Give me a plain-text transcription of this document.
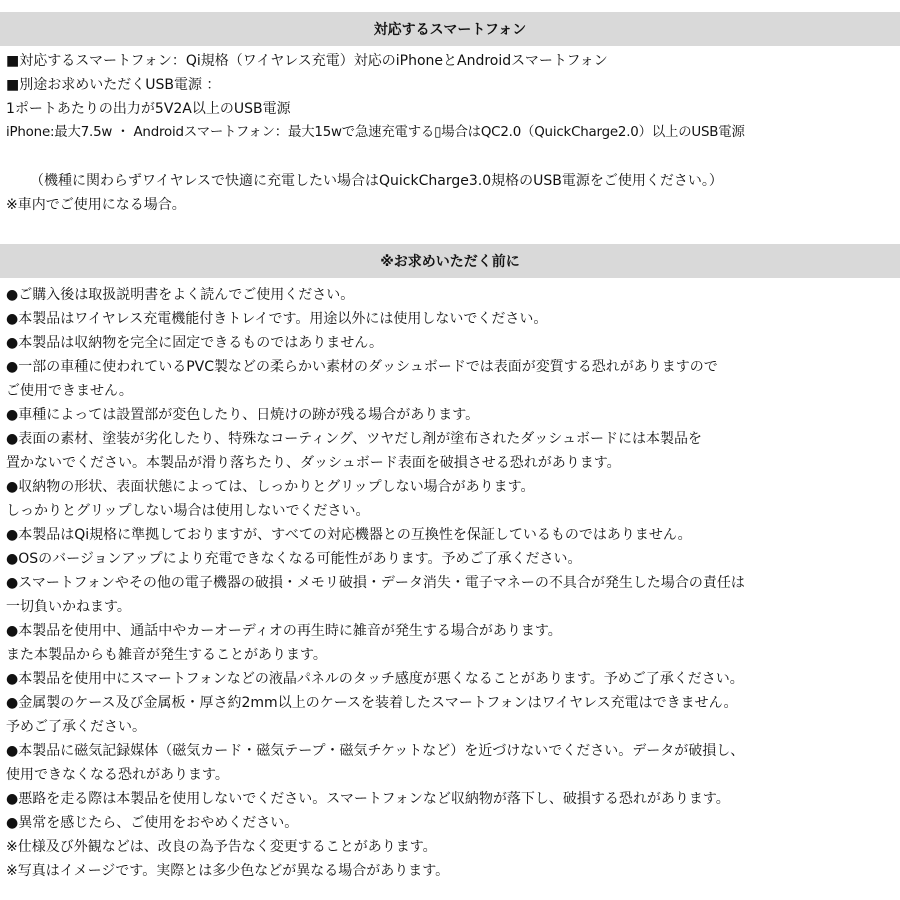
対応するスマートフォン
■対応するスマートフォン：Qi規格（ワイヤレス充電）対応のiPhoneとAndroidスマートフォン
■別途お求めいただくUSB電源 ：
1ポートあたりの出力が5V2A以上のUSB電源
iPhone:最大7.5w ・ Androidスマートフォン：最大15wで急速充電する▯場合はQC2.0（QuickCharge2.0）以上のUSB電源
（機種に関わらずワイヤレスで快適に充電したい場合はQuickCharge3.0規格のUSB電源をご使用ください。）
※車内でご使用になる場合。
※お求めいただく前に
●ご購入後は取扱説明書をよく読んでご使用ください。
●本製品はワイヤレス充電機能付きトレイです。用途以外には使用しないでください。
●本製品は収納物を完全に固定できるものではありません。
●一部の車種に使われているPVC製などの柔らかい素材のダッシュボードでは表面が変質する恐れがありますので
ご使用できません。
●車種によっては設置部が変色したり、日焼けの跡が残る場合があります。
●表面の素材、塗装が劣化したり、特殊なコーティング、ツヤだし剤が塗布されたダッシュボードには本製品を
置かないでください。本製品が滑り落ちたり、ダッシュボード表面を破損させる恐れがあります。
●収納物の形状、表面状態によっては、しっかりとグリップしない場合があります。
しっかりとグリップしない場合は使用しないでください。
●本製品はQi規格に準拠しておりますが、すべての対応機器との互換性を保証しているものではありません。
●OSのバージョンアップにより充電できなくなる可能性があります。予めご了承ください。
●スマートフォンやその他の電子機器の破損・メモリ破損・データ消失・電子マネーの不具合が発生した場合の責任は
一切負いかねます。
●本製品を使用中、通話中やカーオーディオの再生時に雑音が発生する場合があります。
また本製品からも雑音が発生することがあります。
●本製品を使用中にスマートフォンなどの液晶パネルのタッチ感度が悪くなることがあります。予めご了承ください。
●金属製のケース及び金属板・厚さ約2mm以上のケースを装着したスマートフォンはワイヤレス充電はできません。
予めご了承ください。
●本製品に磁気記録媒体（磁気カード・磁気テープ・磁気チケットなど）を近づけないでください。データが破損し、
使用できなくなる恐れがあります。
●悪路を走る際は本製品を使用しないでください。スマートフォンなど収納物が落下し、破損する恐れがあります。
●異常を感じたら、ご使用をおやめください。
※仕様及び外観などは、改良の為予告なく変更することがあります。
※写真はイメージです。実際とは多少色などが異なる場合があります。
